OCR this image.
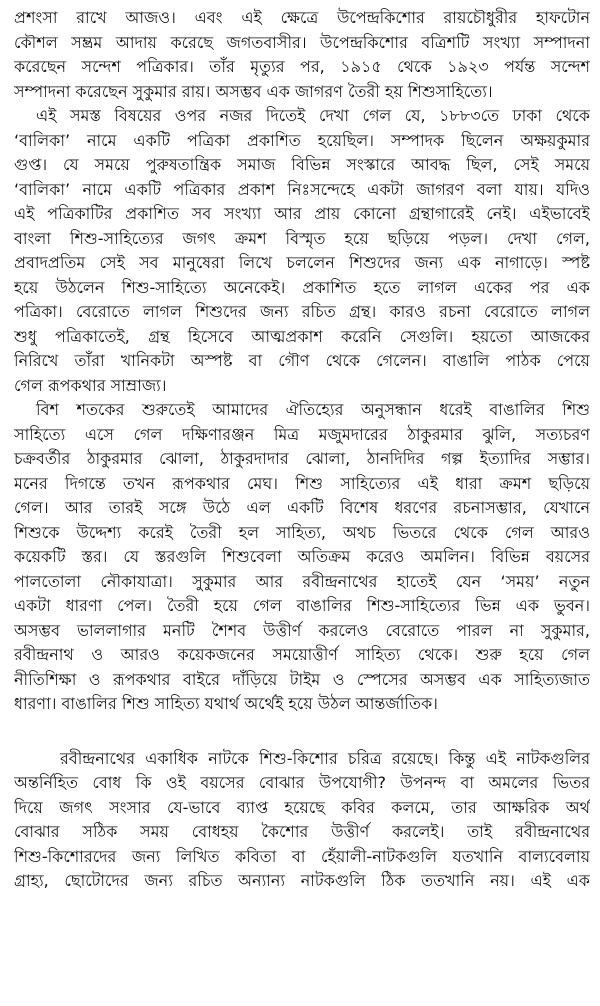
প্রশংসা রাখে আজও। এবং এই ক্ষেত্রে উপেন্দ্রকিশোর রায়চৌধুরীর হাফটোন
কৌশল সম্ভ্রম আদায় করেছে জগতবাসীর। উপেন্দ্রকিশোর বত্রিশটি সংখ্যা সম্পাদনা
করেছেন সন্দেশ পত্রিকার। তাঁর মৃত্যুর পর, ১৯১৫ থেকে ১৯২৩ পর্যন্ত সন্দেশ
সম্পাদনা করেছেন সুকুমার রায়। অসম্ভব এক জাগরণ তৈরী হয় শিশুসাহিত্যে।
এই সমস্ত বিষয়ের ওপর নজর দিতেই দেখা গেল যে, ১৮৮৩তে ঢাকা থেকে
‘বালিকা’ নামে একটি পত্রিকা প্রকাশিত হয়েছিল। সম্পাদক ছিলেন অক্ষয়কুমার
গুপ্ত। যে সময়ে পুরুষতান্ত্রিক সমাজ বিভিন্ন সংস্কারে আবদ্ধ ছিল, সেই সময়ে
‘বালিকা’ নামে একটি পত্রিকার প্রকাশ নিঃসন্দেহে একটা জাগরণ বলা যায়। যদিও
এই পত্রিকাটির প্রকাশিত সব সংখ্যা আর প্রায় কোনো গ্রন্থাগারেই নেই। এইভাবেই
বাংলা শিশু-সাহিত্যের জগৎ ক্রমশ বিস্মৃত হয়ে ছড়িয়ে পড়ল। দেখা গেল,
প্রবাদপ্রতিম সেই সব মানুষেরা লিখে চললেন শিশুদের জন্য এক নাগাড়ে। স্পষ্ট
হয়ে উঠলেন শিশু-সাহিত্যে অনেকেই। প্রকাশিত হতে লাগল একের পর এক
পত্রিকা। বেরোতে লাগল শিশুদের জন্য রচিত গ্রন্থ। কারও রচনা বেরোতে লাগল
শুধু পত্রিকাতেই, গ্রন্থ হিসেবে আত্মপ্রকাশ করেনি সেগুলি। হয়তো আজকের
নিরিখে তাঁরা খানিকটা অস্পষ্ট বা গৌণ থেকে গেলেন। বাঙালি পাঠক পেয়ে
গেল রূপকথার সাম্রাজ্য।
বিশ শতকের শুরুতেই আমাদের ঐতিহ্যের অনুসন্ধান ধরেই বাঙালির শিশু
সাহিত্যে এসে গেল দক্ষিণারঞ্জন মিত্র মজুমদারের ঠাকুরমার ঝুলি, সত্যচরণ
চক্রবর্তীর ঠাকুরমার ঝোলা, ঠাকুরদাদার ঝোলা, ঠানদিদির গল্প ইত্যাদির সম্ভার।
মনের দিগন্তে তখন রূপকথার মেঘ। শিশু সাহিত্যের এই ধারা ক্রমশ ছড়িয়ে
গেল। আর তারই সঙ্গে উঠে এল একটি বিশেষ ধরণের রচনাসম্ভার, যেখানে
শিশুকে উদ্দেশ্য করেই তৈরী হল সাহিত্য, অথচ ভিতরে থেকে গেল আরও
কয়েকটি স্তর। যে স্তরগুলি শিশুবেলা অতিক্রম করেও অমলিন। বিভিন্ন বয়সের
পালতোলা নৌকাযাত্রা। সুকুমার আর রবীন্দ্রনাথের হাতেই যেন ‘সময়’ নতুন
একটা ধারণা পেল। তৈরী হয়ে গেল বাঙালির শিশু-সাহিত্যের ভিন্ন এক ভুবন।
অসম্ভব ভাললাগার মনটি শৈশব উত্তীর্ণ করলেও বেরোতে পারল না সুকুমার,
রবীন্দ্রনাথ ও আরও কয়েকজনের সময়োত্তীর্ণ সাহিত্য থেকে। শুরু হয়ে গেল
নীতিশিক্ষা ও রূপকথার বাইরে দাঁড়িয়ে টাইম ও স্পেসের অসম্ভব এক সাহিত্যজাত
ধারণা। বাঙালির শিশু সাহিত্য যথার্থ অর্থেই হয়ে উঠল আন্তর্জাতিক।
রবীন্দ্রনাথের একাধিক নাটকে শিশু-কিশোর চরিত্র রয়েছে। কিন্তু এই নাটকগুলির
অন্তর্নিহিত বোধ কি ওই বয়সের বোঝার উপযোগী? উপনন্দ বা অমলের ভিতর
দিয়ে জগৎ সংসার যে-ভাবে ব্যাপ্ত হয়েছে কবির কলমে, তার আক্ষরিক অর্থ
বোঝার সঠিক সময় বোধহয় কৈশোর উত্তীর্ণ করলেই। তাই রবীন্দ্রনাথের
শিশু-কিশোরদের জন্য লিখিত কবিতা বা হেঁয়ালী-নাটকগুলি যতখানি বাল্যবেলায়
গ্রাহ্য, ছোটোদের জন্য রচিত অন্যান্য নাটকগুলি ঠিক ততখানি নয়। এই এক
